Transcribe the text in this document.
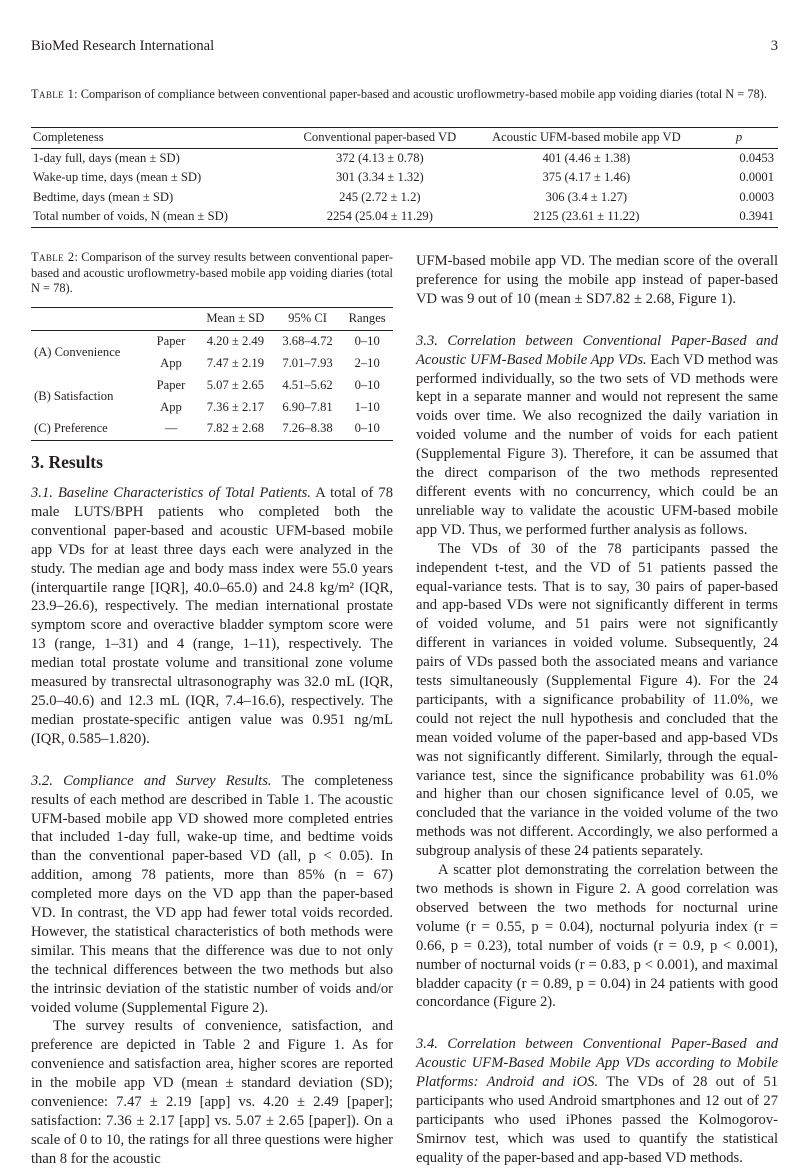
BioMed Research International	3
Table 1: Comparison of compliance between conventional paper-based and acoustic uroflowmetry-based mobile app voiding diaries (total N = 78).
Completeness	Conventional paper-based VD	Acoustic UFM-based mobile app VD	p
1-day full, days (mean ± SD)	372 (4.13 ± 0.78)	401 (4.46 ± 1.38)	0.0453
Wake-up time, days (mean ± SD)	301 (3.34 ± 1.32)	375 (4.17 ± 1.46)	0.0001
Bedtime, days (mean ± SD)	245 (2.72 ± 1.2)	306 (3.4 ± 1.27)	0.0003
Total number of voids, N (mean ± SD)	2254 (25.04 ± 11.29)	2125 (23.61 ± 11.22)	0.3941
Table 2: Comparison of the survey results between conventional paper-based and acoustic uroflowmetry-based mobile app voiding diaries (total N = 78).
		Mean ± SD	95% CI	Ranges
(A) Convenience	Paper	4.20 ± 2.49	3.68–4.72	0–10
	App	7.47 ± 2.19	7.01–7.93	2–10
(B) Satisfaction	Paper	5.07 ± 2.65	4.51–5.62	0–10
	App	7.36 ± 2.17	6.90–7.81	1–10
(C) Preference	—	7.82 ± 2.68	7.26–8.38	0–10
3. Results

3.1. Baseline Characteristics of Total Patients. A total of 78 male LUTS/BPH patients who completed both the conventional paper-based and acoustic UFM-based mobile app VDs for at least three days each were analyzed in the study. The median age and body mass index were 55.0 years (interquartile range [IQR], 40.0–65.0) and 24.8 kg/m² (IQR, 23.9–26.6), respectively. The median international prostate symptom score and overactive bladder symptom score were 13 (range, 1–31) and 4 (range, 1–11), respectively. The median total prostate volume and transitional zone volume measured by transrectal ultrasonography was 32.0 mL (IQR, 25.0–40.6) and 12.3 mL (IQR, 7.4–16.6), respectively. The median prostate-specific antigen value was 0.951 ng/mL (IQR, 0.585–1.820).

3.2. Compliance and Survey Results. The completeness results of each method are described in Table 1. The acoustic UFM-based mobile app VD showed more completed entries that included 1-day full, wake-up time, and bedtime voids than the conventional paper-based VD (all, p < 0.05). In addition, among 78 patients, more than 85% (n = 67) completed more days on the VD app than the paper-based VD. In contrast, the VD app had fewer total voids recorded. However, the statistical characteristics of both methods were similar. This means that the difference was due to not only the technical differences between the two methods but also the intrinsic deviation of the statistic number of voids and/or voided volume (Supplemental Figure 2).

The survey results of convenience, satisfaction, and preference are depicted in Table 2 and Figure 1. As for convenience and satisfaction area, higher scores are reported in the mobile app VD (mean ± standard deviation (SD); convenience: 7.47 ± 2.19 [app] vs. 4.20 ± 2.49 [paper]; satisfaction: 7.36 ± 2.17 [app] vs. 5.07 ± 2.65 [paper]). On a scale of 0 to 10, the ratings for all three questions were higher than 8 for the acoustic

UFM-based mobile app VD. The median score of the overall preference for using the mobile app instead of paper-based VD was 9 out of 10 (mean ± SD7.82 ± 2.68, Figure 1).

3.3. Correlation between Conventional Paper-Based and Acoustic UFM-Based Mobile App VDs. Each VD method was performed individually, so the two sets of VD methods were kept in a separate manner and would not represent the same voids over time. We also recognized the daily variation in voided volume and the number of voids for each patient (Supplemental Figure 3). Therefore, it can be assumed that the direct comparison of the two methods represented different events with no concurrency, which could be an unreliable way to validate the acoustic UFM-based mobile app VD. Thus, we performed further analysis as follows.

The VDs of 30 of the 78 participants passed the independent t-test, and the VD of 51 patients passed the equal-variance tests. That is to say, 30 pairs of paper-based and app-based VDs were not significantly different in terms of voided volume, and 51 pairs were not significantly different in variances in voided volume. Subsequently, 24 pairs of VDs passed both the associated means and variance tests simultaneously (Supplemental Figure 4). For the 24 participants, with a significance probability of 11.0%, we could not reject the null hypothesis and concluded that the mean voided volume of the paper-based and app-based VDs was not significantly different. Similarly, through the equal-variance test, since the significance probability was 61.0% and higher than our chosen significance level of 0.05, we concluded that the variance in the voided volume of the two methods was not different. Accordingly, we also performed a subgroup analysis of these 24 patients separately.

A scatter plot demonstrating the correlation between the two methods is shown in Figure 2. A good correlation was observed between the two methods for nocturnal urine volume (r = 0.55, p = 0.04), nocturnal polyuria index (r = 0.66, p = 0.23), total number of voids (r = 0.9, p < 0.001), number of nocturnal voids (r = 0.83, p < 0.001), and maximal bladder capacity (r = 0.89, p = 0.04) in 24 patients with good concordance (Figure 2).

3.4. Correlation between Conventional Paper-Based and Acoustic UFM-Based Mobile App VDs according to Mobile Platforms: Android and iOS. The VDs of 28 out of 51 participants who used Android smartphones and 12 out of 27 participants who used iPhones passed the Kolmogorov-Smirnov test, which was used to quantify the statistical equality of the paper-based and app-based VD methods.
